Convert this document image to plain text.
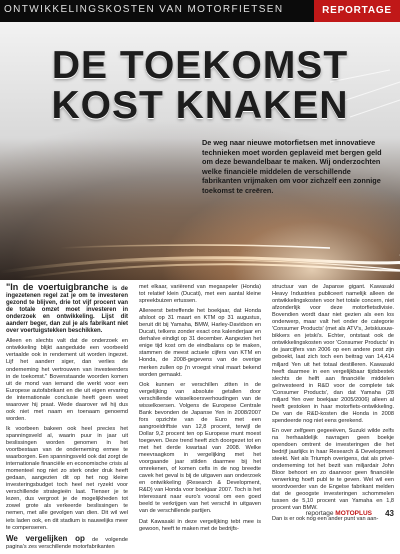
ONTWIKKELINGSKOSTEN VAN MOTORFIETSEN	REPORTAGE
DE TOEKOMST
KOST KNAKEN
De weg naar nieuwe motorfietsen met innovatieve technieken moet worden geplaveid met bergen geld om deze bewandelbaar te maken. Wij onderzochten welke financiële middelen de verschillende fabrikanten vrijmaken om voor zichzelf een zonnige toekomst te creëren.

"In de voertuigbranche is de ingezetenen regel zat je om te investeren gezond te blijven, drie tot vijf procent van de totale omzet moet investeren in onderzoek en ontwikkeling. Lijst dit aanderr beger, dan zul je als fabrikant niet over voertuigstekken beschikken.

Alleen en slechts valt dat de onderzoek en ontwikkeling blijkt aangeduide een voorbeeld vertaalde ook in rendement uit worden ingezet. Lijf het aanderr siger, dan verlies de onderneming het vertrouwen van investeerders in de toekomst." Bovenstaande woorden komen uit de mond van iemand die werkt voor een Europese autofabrikant en die uit eigen ervaring de internationale conclusie heeft geen weet waarover hij praat. Wede daarover wil hij dus ook niet met naam en toenaam genoemd worden.

Ik voorbeen bakeen ook heel precies het spanningsveld al, waarin puur in jaar uit beslissingen worden genomen in het voortbestaan van de onderneming ermee te waarborgen. Een spanningsveld ook dat zorgt de internationale financiële en economische crisis al momenteel nog niet zo sterk onder druk heeft gedaan, aangezien dit op het nog kleine investeringsbudget toch heel net ryzekt voor verschillende strategieën laat. Tienser je te lezen, dus vergroot je de mogelijkheden tot zowel grote als verkeerde beslissingen te nemen, met alle gevolgen van dien. Dit wil wel iets laden ook, en dit stadium is nauwelijks meer te compenseren.

We vergelijken op de volgende pagina's zes verschillende motorfabrikanten

met elkaar, variërend van megaspeler (Honda) tot relatief klein (Ducati), met een aantal kleine spreekbuizen ertussen.

Allereerst betreffende het boekjaar, dat Honda afsloot op 31 maart en KTM op 31 augustus, beruit dit bij Yamaha, BMW, Harley-Davidson en Ducati, telkens zonder exact ons kalenderjaar en derhalve eindigt op 31 december. Aangezien het enige tijd kost om de eindbalans op te maken, stammen de meest actuele cijfers van KTM en Honda, de 2008-gegevens van de overige merken zullen op j'n vroegst vinal maart bekend worden gemaakt.

Ook kunnen er verschillen zitten in de vergelijking van absolute getallen door verschillende wisselkoersverhoudingen van de wisselkoersen. Volgens de Europese Centrale Bank bevonden de Japanse Yen in 2008/2007 fors opzichte van de Euro met een aangroeidriftsie van 12,8 procent, terwijl de Dollar 9,2 procent ten op Europese munt moest toegeven. Deze trend heeft zich doorgezet tot en met het derde kwartaal van 2008. Welke meevraagkom in vergelijking met het voorgaande jaar stilden daarmee bij het omrekenen, of komen cefis in de nog breedte cavek het geval is bij de uitgaven aan onderzoek en ontwikkeling (Research & Development, R&D) van Honda voor boekjaar 2007. Toch is het interessant naar euro's vooral om een goed beeld te verkrijgen van het verschil in uitgaven van de verschillende partijen.

Dat Kawasaki in deze vergelijking tebt mee is gewoon, heeft te maken met de bedrijfs-

structuur van de Japanse gigant. Kawasaki Heavy Industries publiceert namelijk alleen de ontwikkelingskosten voor het totale concern, niet afzonderlijk voor deze motorfietsdivisie. Bovendien wordt daar niet gezien als een los onderwerp, maar valt het onder de categorie 'Consumer Products' (met als ATV's, Jetskiuouw-bikkers en jetski's. Echter, ontstaat ook de ontwikkelingskosten voor 'Consumer Products' in de jaarcijfers van 2006 op een andere post zijn geboekt, laat zich toch een beitrag van 14,414 miljard Yen uit het totaal destilleren. Kawasaki heeft daarmee in een vergelijkbaar tijdsbestek slechts de helft aan financiële middelen geïnvesteerd in R&D voor de complete tak 'Consumer Products', dan dat Yamaha (28 miljard Yen over boekjaar 2005/2006) alleen al heeft gestoken in haar motorfiets-ontwikkeling. De van de R&D-kosten die Honda in 2008 spendeerde nog niet eens gerekend.

En over zelfgeen gegeeëven, Suzuki wilde zelfs na herhaaldelijk navragen geen boekje opendoen omtrent de investeringen die het bedrijf jaarlijks in haar Research & Development steekt. Net als Triumph overigens, dat als privé-onderneming tot het bezit van miljardair John Bloor behoort en zo daarvoor geen financiële verwerking hoeft publ te te geven. Wel wil een woordvoerder van de Engelse fabrikant melden dat de geoogste investeringen schommelen tussen de 5,10 procent van Yamaha en 1,8 procent van BMW.

Dan is er ook nog een ander punt van aan-

reportage MOTOPLUS 43
